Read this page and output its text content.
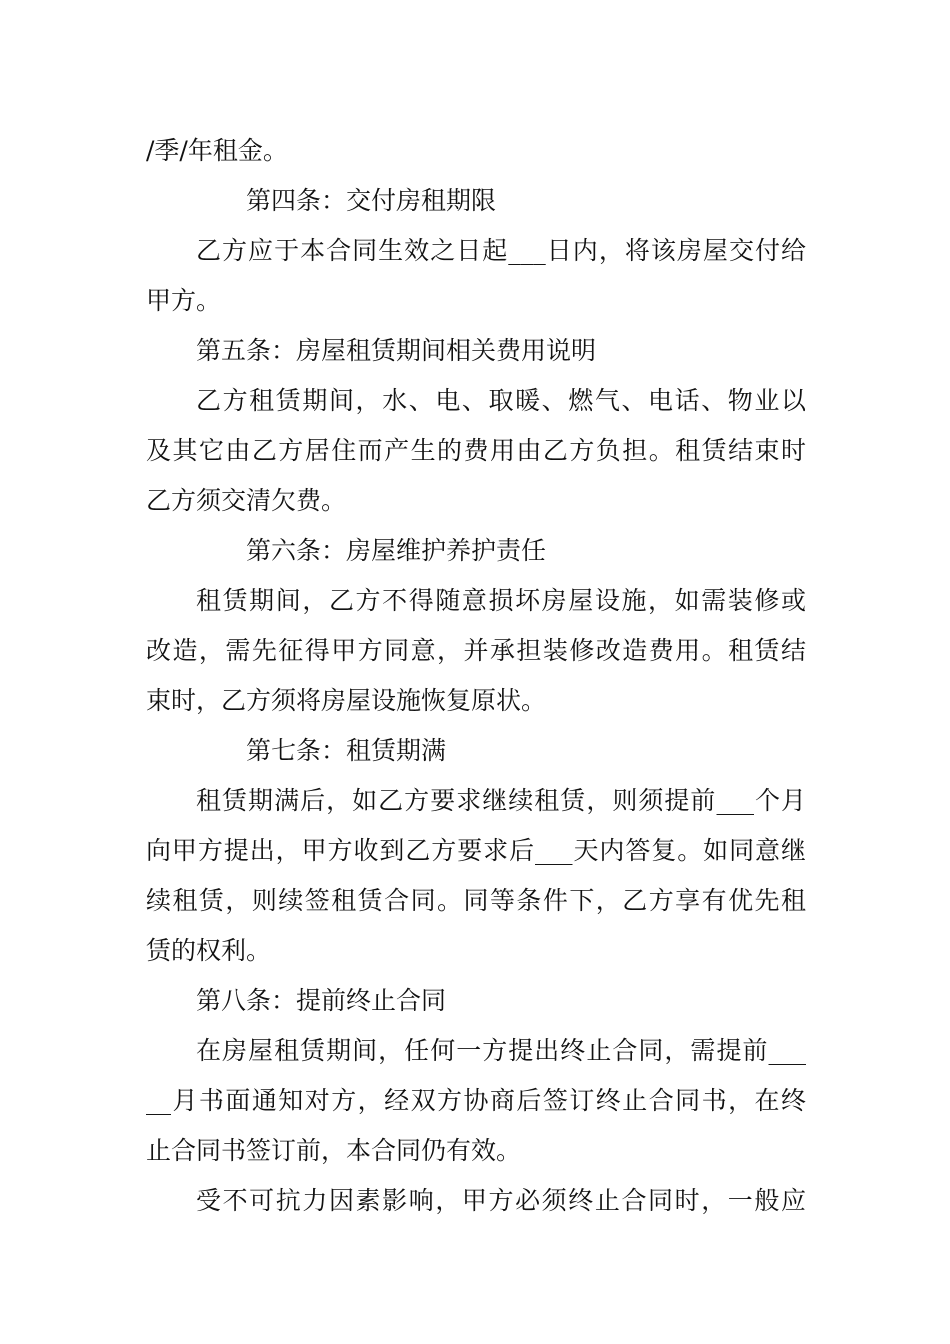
/季/年租金。
第四条：交付房租期限
乙方应于本合同生效之日起___日内，将该房屋交付给
甲方。
第五条：房屋租赁期间相关费用说明
乙方租赁期间，水、电、取暖、燃气、电话、物业以
及其它由乙方居住而产生的费用由乙方负担。租赁结束时
乙方须交清欠费。
第六条：房屋维护养护责任
租赁期间，乙方不得随意损坏房屋设施，如需装修或
改造，需先征得甲方同意，并承担装修改造费用。租赁结
束时，乙方须将房屋设施恢复原状。
第七条：租赁期满
租赁期满后，如乙方要求继续租赁，则须提前___个月
向甲方提出，甲方收到乙方要求后___天内答复。如同意继
续租赁，则续签租赁合同。同等条件下，乙方享有优先租
赁的权利。
第八条：提前终止合同
在房屋租赁期间，任何一方提出终止合同，需提前___
__月书面通知对方，经双方协商后签订终止合同书，在终
止合同书签订前，本合同仍有效。
受不可抗力因素影响，甲方必须终止合同时，一般应
